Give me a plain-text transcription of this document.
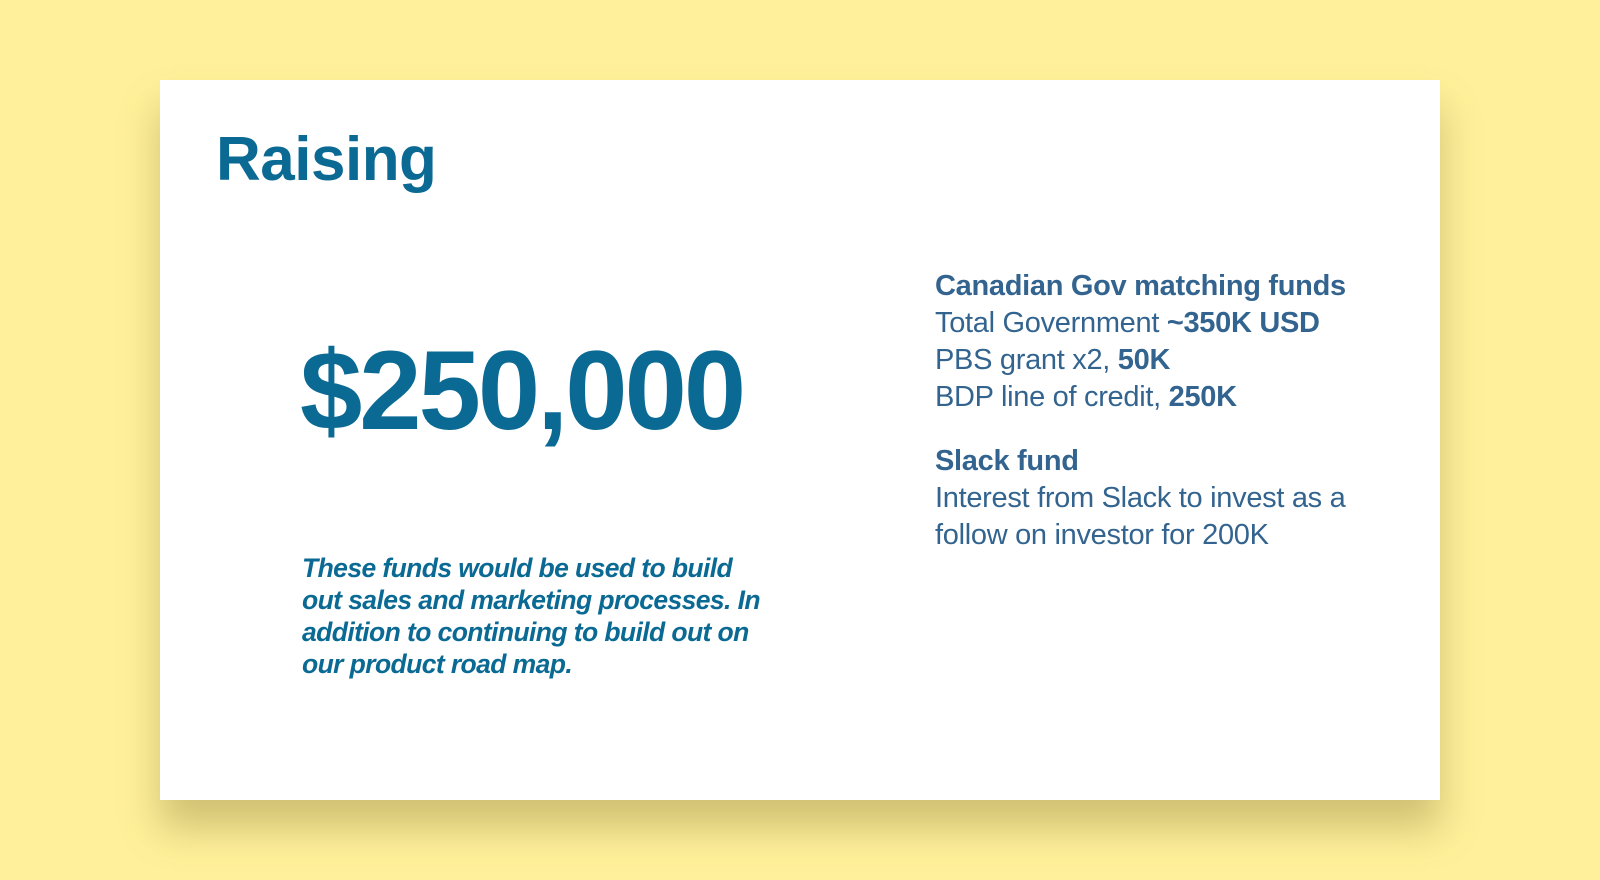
Raising
$250,000

These funds would be used to build out sales and marketing processes. In addition to continuing to build out on our product road map.

Canadian Gov matching funds
Total Government ~350K USD
PBS grant x2, 50K
BDP line of credit, 250K
Slack fund
Interest from Slack to invest as a
follow on investor for 200K
